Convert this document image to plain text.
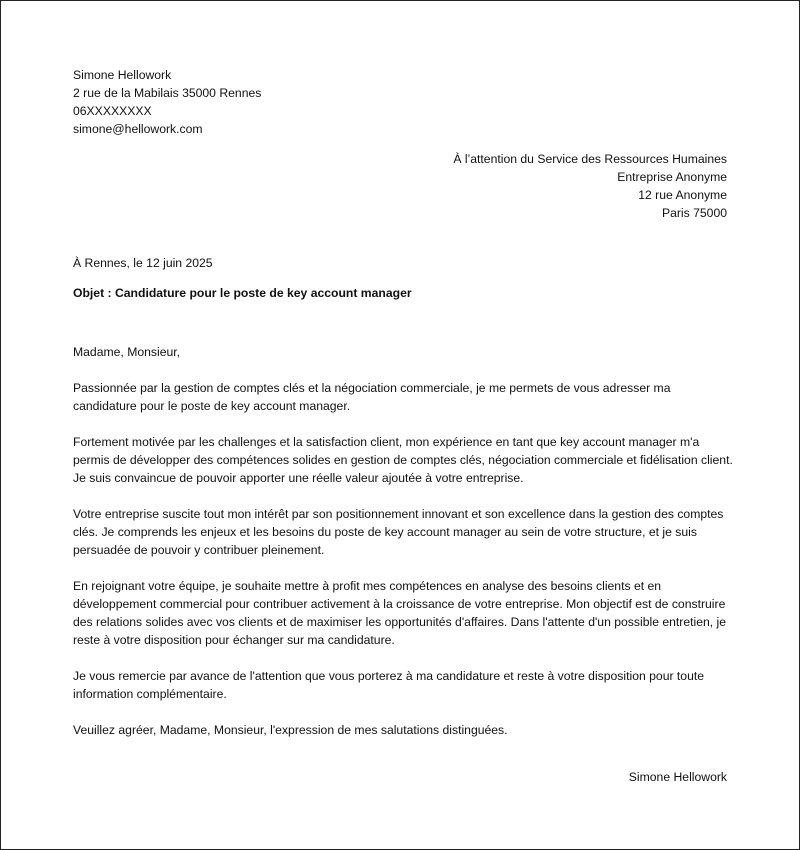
Simone Hellowork
2 rue de la Mabilais 35000 Rennes
06XXXXXXXX
simone@hellowork.com
À l’attention du Service des Ressources Humaines
Entreprise Anonyme
12 rue Anonyme
Paris 75000
À Rennes, le 12 juin 2025
Objet : Candidature pour le poste de key account manager

Madame, Monsieur,

Passionnée par la gestion de comptes clés et la négociation commerciale, je me permets de vous adresser ma candidature pour le poste de key account manager.

Fortement motivée par les challenges et la satisfaction client, mon expérience en tant que key account manager m'a permis de développer des compétences solides en gestion de comptes clés, négociation commerciale et fidélisation client. Je suis convaincue de pouvoir apporter une réelle valeur ajoutée à votre entreprise.

Votre entreprise suscite tout mon intérêt par son positionnement innovant et son excellence dans la gestion des comptes clés. Je comprends les enjeux et les besoins du poste de key account manager au sein de votre structure, et je suis persuadée de pouvoir y contribuer pleinement.

En rejoignant votre équipe, je souhaite mettre à profit mes compétences en analyse des besoins clients et en développement commercial pour contribuer activement à la croissance de votre entreprise. Mon objectif est de construire des relations solides avec vos clients et de maximiser les opportunités d'affaires. Dans l'attente d'un possible entretien, je reste à votre disposition pour échanger sur ma candidature.

Je vous remercie par avance de l'attention que vous porterez à ma candidature et reste à votre disposition pour toute information complémentaire.

Veuillez agréer, Madame, Monsieur, l'expression de mes salutations distinguées.

Simone Hellowork
